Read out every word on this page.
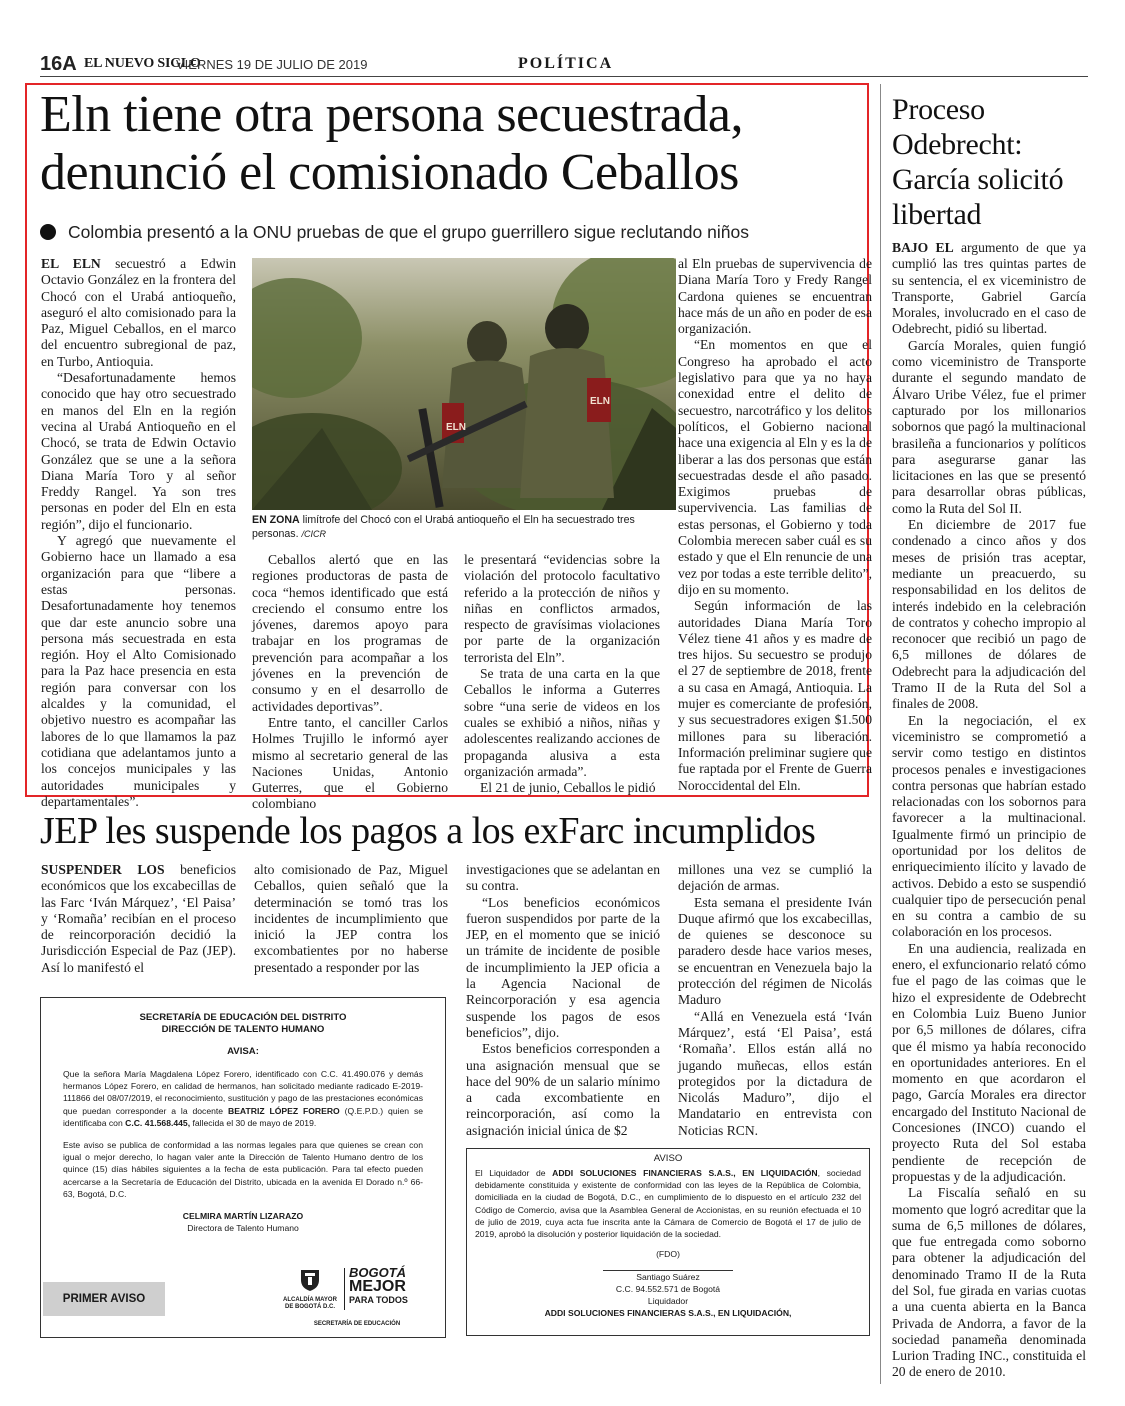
16A EL NUEVO SIGLO
VIERNES 19 DE JULIO DE 2019	POLÍTICA
Eln tiene otra persona secuestrada,
denunció el comisionado Ceballos
Colombia presentó a la ONU pruebas de que el grupo guerrillero sigue reclutando niños

EL ELN secuestró a Edwin Octavio González en la frontera del Chocó con el Urabá antioqueño, aseguró el alto comisionado para la Paz, Miguel Ceballos, en el marco del encuentro subregional de paz, en Turbo, Antioquia.

“Desafortunadamente hemos conocido que hay otro secuestrado en manos del Eln en la región vecina al Urabá Antioqueño en el Chocó, se trata de Edwin Octavio González que se une a la señora Diana María Toro y al señor Freddy Rangel. Ya son tres personas en poder del Eln en esta región”, dijo el funcionario.

Y agregó que nuevamente el Gobierno hace un llamado a esa organización para que “libere a estas personas. Desafortunadamente hoy tenemos que dar este anuncio sobre una persona más secuestrada en esta región. Hoy el Alto Comisionado para la Paz hace presencia en esta región para conversar con los alcaldes y la comunidad, el objetivo nuestro es acompañar las labores de lo que llamamos la paz cotidiana que adelantamos junto a los concejos municipales y las autoridades municipales y departamentales”.

ELN
ELN
EN ZONA limítrofe del Chocó con el Urabá antioqueño el Eln ha secuestrado tres personas. /CICR

Ceballos alertó que en las regiones productoras de pasta de coca “hemos identificado que está creciendo el consumo entre los jóvenes, daremos apoyo para trabajar en los programas de prevención para acompañar a los jóvenes en la prevención de consumo y en el desarrollo de actividades deportivas”.

Entre tanto, el canciller Carlos Holmes Trujillo le informó ayer mismo al secretario general de las Naciones Unidas, Antonio Guterres, que el Gobierno colombiano

le presentará “evidencias sobre la violación del protocolo facultativo referido a la protección de niños y niñas en conflictos armados, respecto de gravísimas violaciones por parte de la organización terrorista del Eln”.

Se trata de una carta en la que Ceballos le informa a Guterres sobre “una serie de videos en los cuales se exhibió a niños, niñas y adolescentes realizando acciones de propaganda alusiva a esta organización armada”.

El 21 de junio, Ceballos le pidió

al Eln pruebas de supervivencia de Diana María Toro y Fredy Rangel Cardona quienes se encuentran hace más de un año en poder de esa organización.

“En momentos en que el Congreso ha aprobado el acto legislativo para que ya no haya conexidad entre el delito de secuestro, narcotráfico y los delitos políticos, el Gobierno nacional hace una exigencia al Eln y es la de liberar a las dos personas que están secuestradas desde el año pasado. Exigimos pruebas de supervivencia. Las familias de estas personas, el Gobierno y toda Colombia merecen saber cuál es su estado y que el Eln renuncie de una vez por todas a este terrible delito”, dijo en su momento.

Según información de las autoridades Diana María Toro Vélez tiene 41 años y es madre de tres hijos. Su secuestro se produjo el 27 de septiembre de 2018, frente a su casa en Amagá, Antioquia. La mujer es comerciante de profesión, y sus secuestradores exigen $1.500 millones para su liberación. Información preliminar sugiere que fue raptada por el Frente de Guerra Noroccidental del Eln.

Proceso Odebrecht: García solicitó libertad

BAJO EL argumento de que ya cumplió las tres quintas partes de su sentencia, el ex viceministro de Transporte, Gabriel García Morales, involucrado en el caso de Odebrecht, pidió su libertad.

García Morales, quien fungió como viceministro de Transporte durante el segundo mandato de Álvaro Uribe Vélez, fue el primer capturado por los millonarios sobornos que pagó la multinacional brasileña a funcionarios y políticos para asegurarse ganar las licitaciones en las que se presentó para desarrollar obras públicas, como la Ruta del Sol II.

En diciembre de 2017 fue condenado a cinco años y dos meses de prisión tras aceptar, mediante un preacuerdo, su responsabilidad en los delitos de interés indebido en la celebración de contratos y cohecho impropio al reconocer que recibió un pago de 6,5 millones de dólares de Odebrecht para la adjudicación del Tramo II de la Ruta del Sol a finales de 2008.

En la negociación, el ex viceministro se comprometió a servir como testigo en distintos procesos penales e investigaciones contra personas que habrían estado relacionadas con los sobornos para favorecer a la multinacional. Igualmente firmó un principio de oportunidad por los delitos de enriquecimiento ilícito y lavado de activos. Debido a esto se suspendió cualquier tipo de persecución penal en su contra a cambio de su colaboración en los procesos.

En una audiencia, realizada en enero, el exfuncionario relató cómo fue el pago de las coimas que le hizo el expresidente de Odebrecht en Colombia Luiz Bueno Junior por 6,5 millones de dólares, cifra que él mismo ya había reconocido en oportunidades anteriores. En el momento en que acordaron el pago, García Morales era director encargado del Instituto Nacional de Concesiones (INCO) cuando el proyecto Ruta del Sol estaba pendiente de recepción de propuestas y de la adjudicación.

La Fiscalía señaló en su momento que logró acreditar que la suma de 6,5 millones de dólares, que fue entregada como soborno para obtener la adjudicación del denominado Tramo II de la Ruta del Sol, fue girada en varias cuotas a una cuenta abierta en la Banca Privada de Andorra, a favor de la sociedad panameña denominada Lurion Trading INC., constituida el 20 de enero de 2010.

JEP les suspende los pagos a los exFarc incumplidos

SUSPENDER LOS beneficios económicos que los excabecillas de las Farc ‘Iván Márquez’, ‘El Paisa’ y ‘Romaña’ recibían en el proceso de reincorporación decidió la Jurisdicción Especial de Paz (JEP). Así lo manifestó el

alto comisionado de Paz, Miguel Ceballos, quien señaló que la determinación se tomó tras los incidentes de incumplimiento que inició la JEP contra los excombatientes por no haberse presentado a responder por las

investigaciones que se adelantan en su contra.

“Los beneficios económicos fueron suspendidos por parte de la JEP, en el momento que se inició un trámite de incidente de posible de incumplimiento la JEP oficia a la Agencia Nacional de Reincorporación y esa agencia suspende los pagos de esos beneficios”, dijo.

Estos beneficios corresponden a una asignación mensual que se hace del 90% de un salario mínimo a cada excombatiente en reincorporación, así como la asignación inicial única de $2

millones una vez se cumplió la dejación de armas.

Esta semana el presidente Iván Duque afirmó que los excabecillas, de quienes se desconoce su paradero desde hace varios meses, se encuentran en Venezuela bajo la protección del régimen de Nicolás Maduro

“Allá en Venezuela está ‘Iván Márquez’, está ‘El Paisa’, está ‘Romaña’. Ellos están allá no jugando muñecas, ellos están protegidos por la dictadura de Nicolás Maduro”, dijo el Mandatario en entrevista con Noticias RCN.

SECRETARÍA DE EDUCACIÓN DEL DISTRITO
DIRECCIÓN DE TALENTO HUMANO
AVISA:
Que la señora María Magdalena López Forero, identificado con C.C. 41.490.076 y demás hermanos López Forero, en calidad de hermanos, han solicitado mediante radicado E-2019-111866 del 08/07/2019, el reconocimiento, sustitución y pago de las prestaciones económicas que puedan corresponder a la docente BEATRIZ LÓPEZ FORERO (Q.E.P.D.) quien se identificaba con C.C. 41.568.445, fallecida el 30 de mayo de 2019.
Este aviso se publica de conformidad a las normas legales para que quienes se crean con igual o mejor derecho, lo hagan valer ante la Dirección de Talento Humano dentro de los quince (15) días hábiles siguientes a la fecha de esta publicación. Para tal efecto pueden acercarse a la Secretaría de Educación del Distrito, ubicada en la avenida El Dorado n.º 66-63, Bogotá, D.C.
CELMIRA MARTÍN LIZARAZO
Directora de Talento Humano
PRIMER AVISO	ALCALDÍA MAYOR
DE BOGOTÁ D.C.
BOGOTÁ
MEJOR
PARA TODOS
SECRETARÍA DE EDUCACIÓN
AVISO
El Liquidador de ADDI SOLUCIONES FINANCIERAS S.A.S., EN LIQUIDACIÓN, sociedad debidamente constituida y existente de conformidad con las leyes de la República de Colombia, domiciliada en la ciudad de Bogotá, D.C., en cumplimiento de lo dispuesto en el artículo 232 del Código de Comercio, avisa que la Asamblea General de Accionistas, en su reunión efectuada el 10 de julio de 2019, cuya acta fue inscrita ante la Cámara de Comercio de Bogotá el 17 de julio de 2019, aprobó la disolución y posterior liquidación de la sociedad.
(FDO)
Santiago Suárez
C.C. 94.552.571 de Bogotá
Liquidador
ADDI SOLUCIONES FINANCIERAS S.A.S., EN LIQUIDACIÓN,
